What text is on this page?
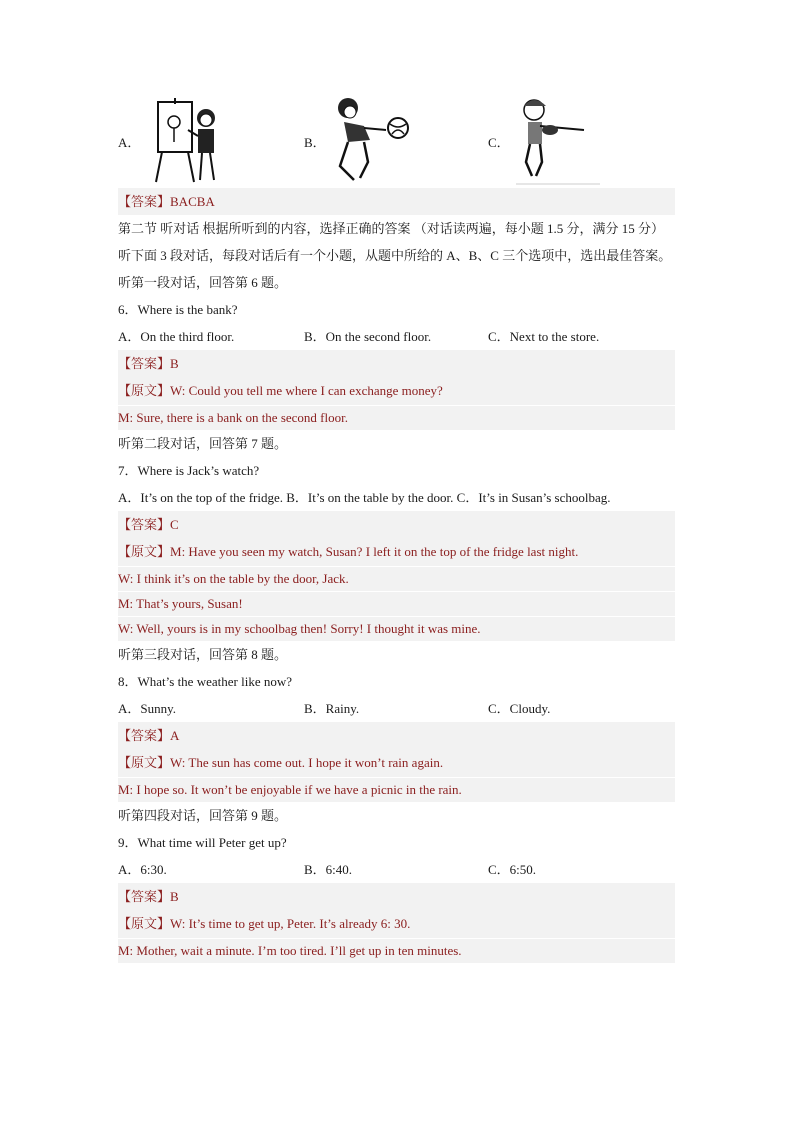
A．	B．	C．
【答案】BACBA
第二节 听对话 根据所听到的内容，选择正确的答案 （对话读两遍，每小题 1.5 分，满分 15 分）
听下面 3 段对话，每段对话后有一个小题，从题中所给的 A、B、C 三个选项中，选出最佳答案。
听第一段对话，回答第 6 题。
6．Where is the bank?
A．On the third floor.	B．On the second floor.	C．Next to the store.
【答案】B
【原文】W: Could you tell me where I can exchange money?
M: Sure, there is a bank on the second floor.
听第二段对话，回答第 7 题。
7．Where is Jack’s watch?
A．It’s on the top of the fridge. B．It’s on the table by the door. C．It’s in Susan’s schoolbag.
【答案】C
【原文】M: Have you seen my watch, Susan? I left it on the top of the fridge last night.
W: I think it’s on the table by the door, Jack.
M: That’s yours, Susan!
W: Well, yours is in my schoolbag then! Sorry! I thought it was mine.
听第三段对话，回答第 8 题。
8．What’s the weather like now?
A．Sunny.	B．Rainy.	C．Cloudy.
【答案】A
【原文】W: The sun has come out. I hope it won’t rain again.
M: I hope so. It won’t be enjoyable if we have a picnic in the rain.
听第四段对话，回答第 9 题。
9．What time will Peter get up?
A．6:30.	B．6:40.	C．6:50.
【答案】B
【原文】W: It’s time to get up, Peter. It’s already 6: 30.
M: Mother, wait a minute. I’m too tired. I’ll get up in ten minutes.
